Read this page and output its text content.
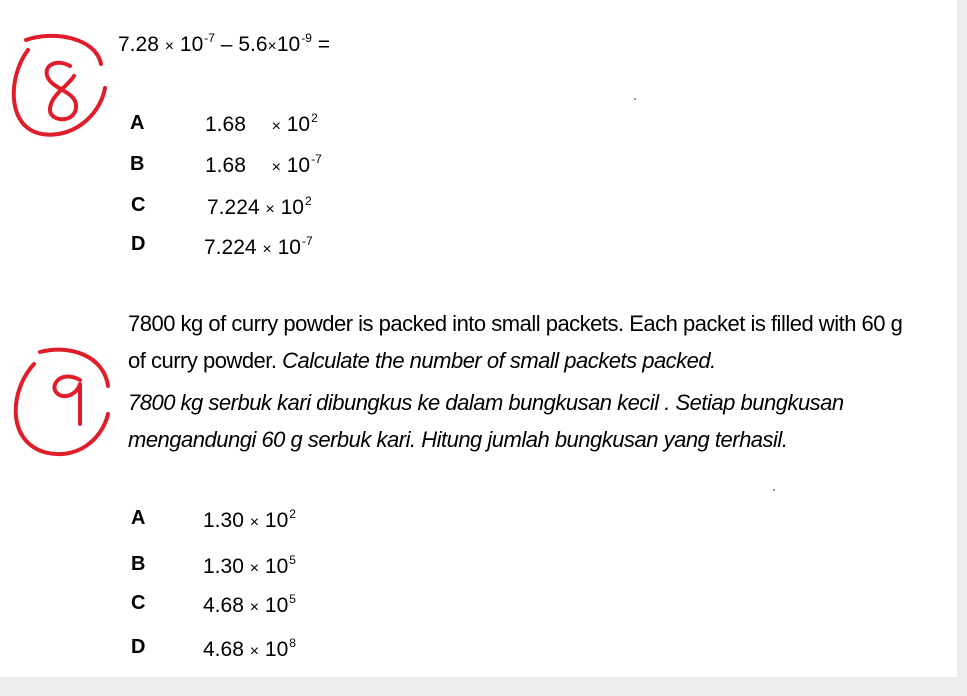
8
$7.28 \times 10^{-7} - 5.6\times 10^{-9}$ =
A	$1.68 \times 10^2$
B	$1.68 \times 10^{-7}$
C	$7.224 \times 10^2$
D	$7.224 \times 10^{-7}$
9
7800 kg of curry powder is packed into small packets. Each packet is filled with 60 g
of curry powder. Calculate the number of small packets packed.
7800 kg serbuk kari dibungkus ke dalam bungkusan kecil . Setiap bungkusan
mengandungi 60 g serbuk kari. Hitung jumlah bungkusan yang terhasil.
A	$1.30 \times 10^2$
B	$1.30 \times 10^5$
C	$4.68 \times 10^5$
D	$4.68 \times 10^8$
